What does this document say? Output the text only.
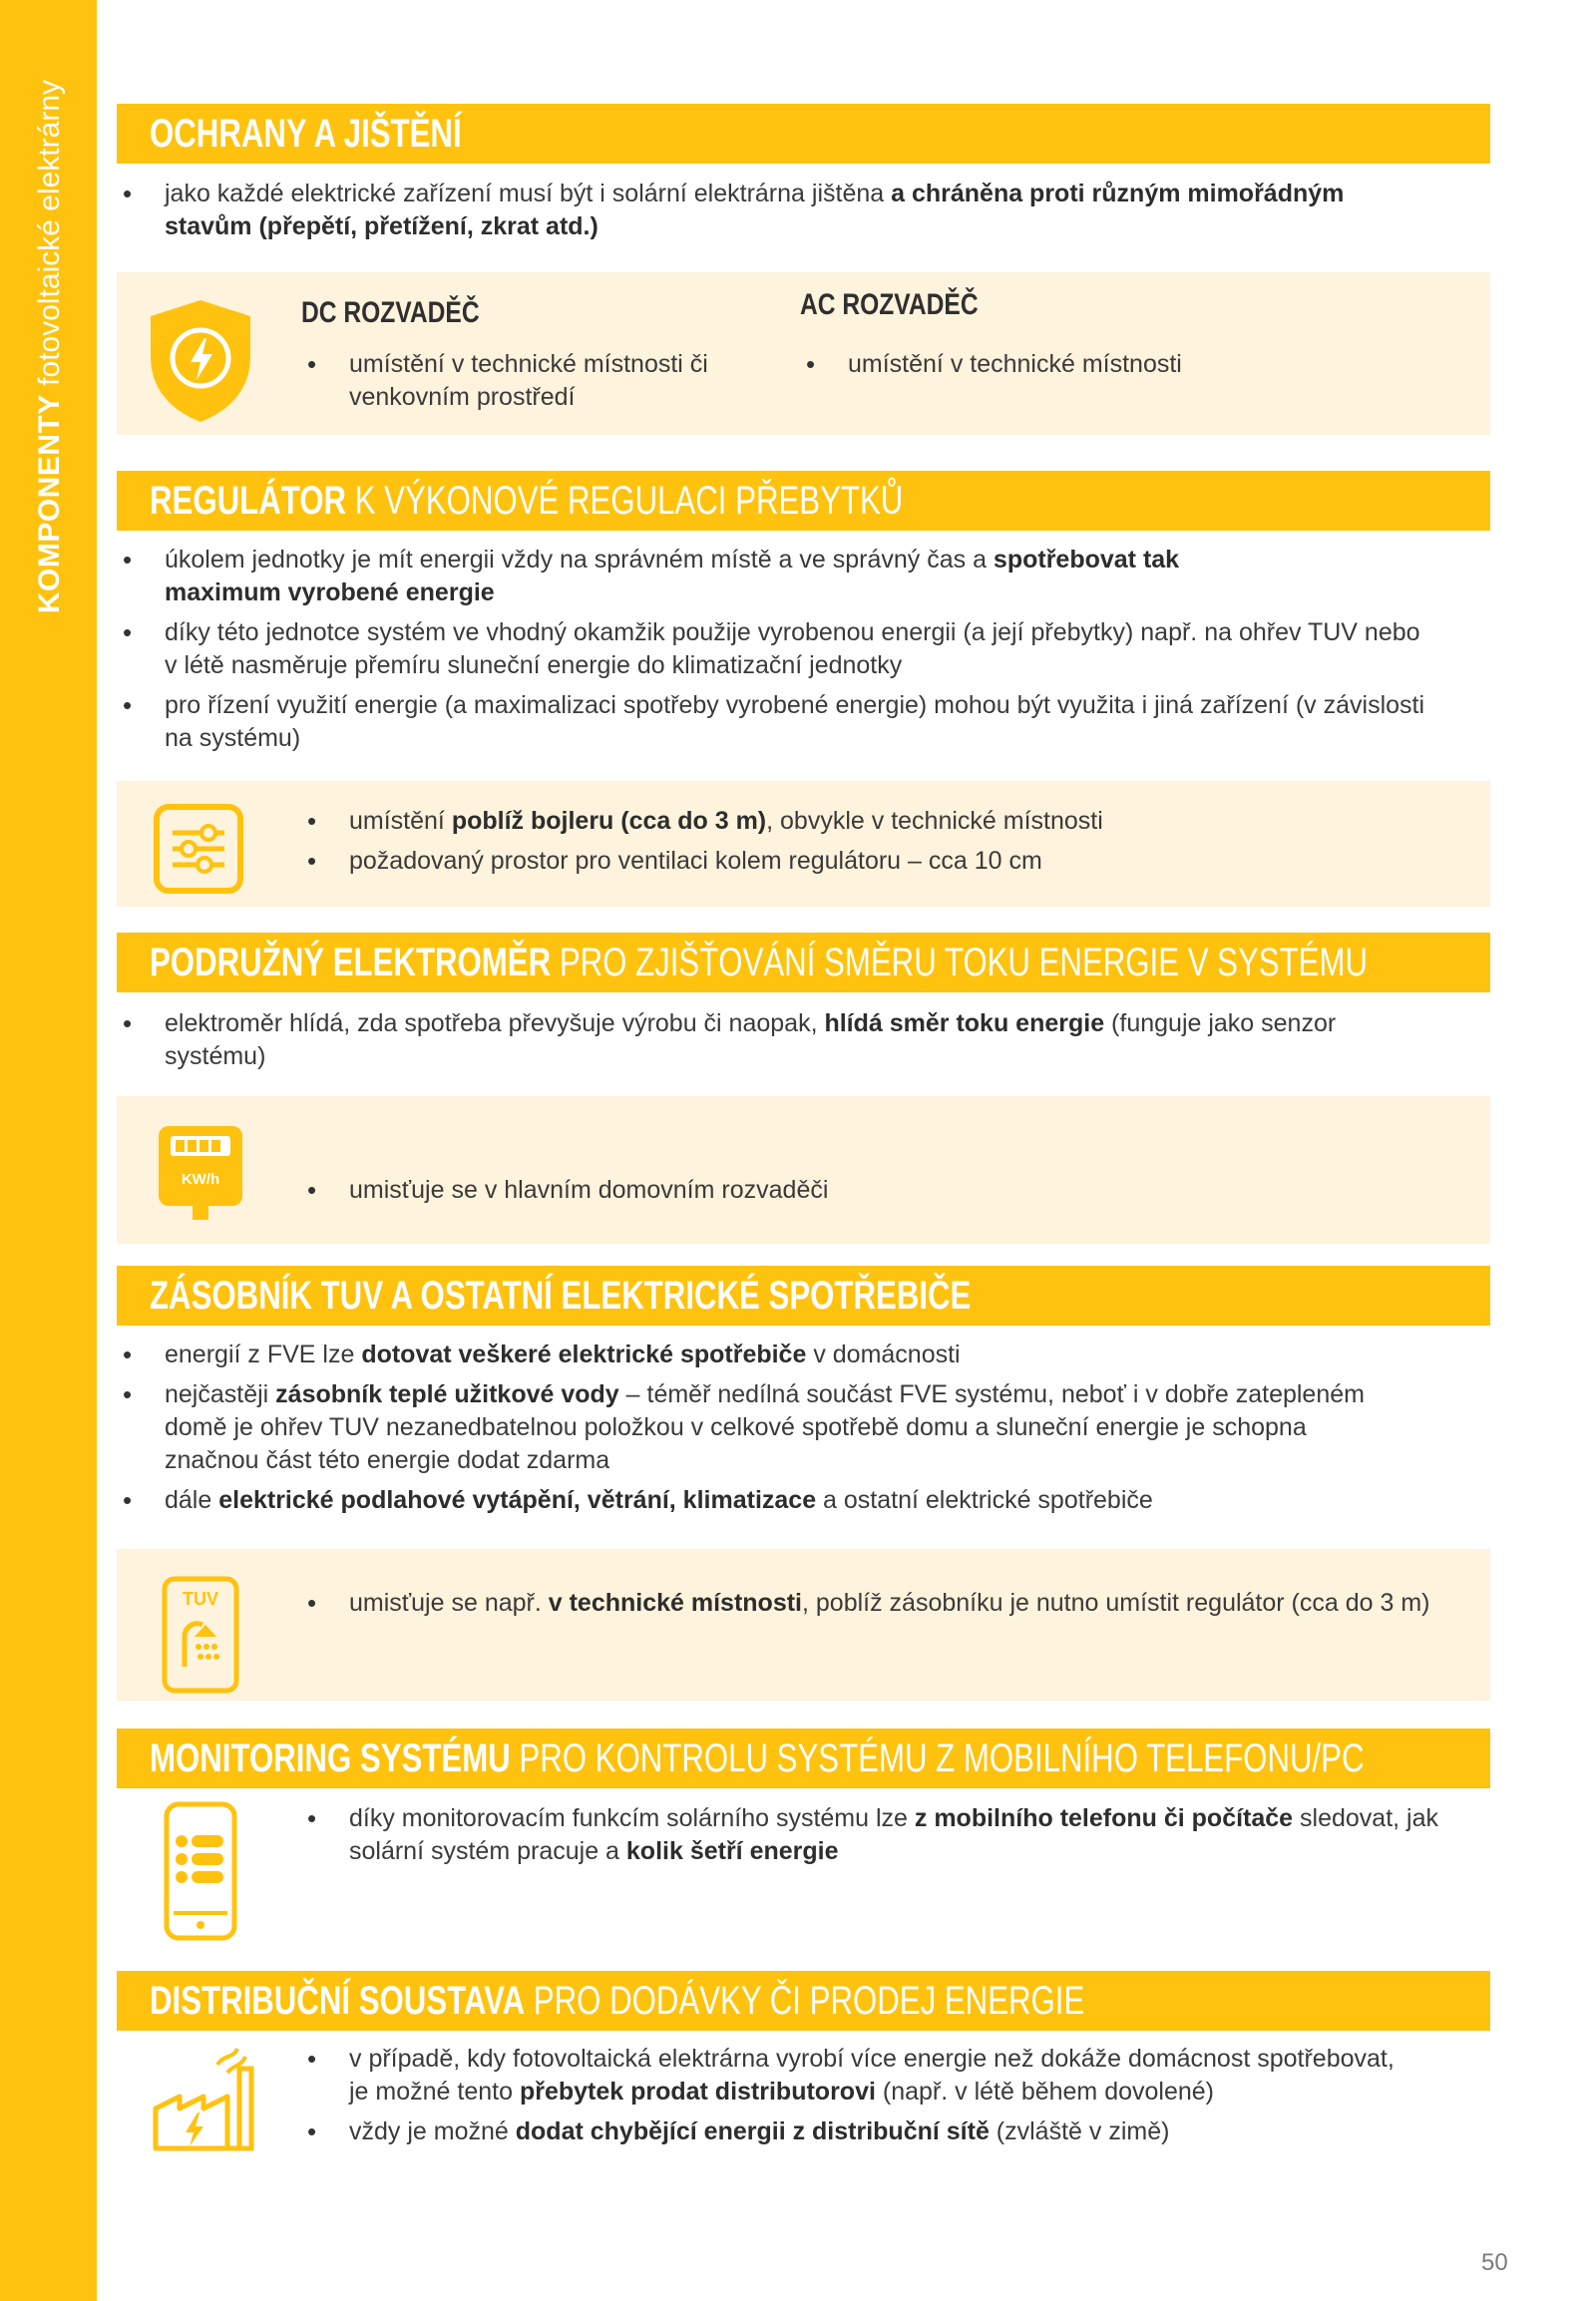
KOMPONENTY fotovoltaické elektrárny OCHRANY A JIŠTĚNÍ
• jako každé elektrické zařízení musí být i solární elektrárna jištěna a chráněna proti různým mimořádným stavům (přepětí, přetížení, zkrat atd.)
DC ROZVADĚČ
• umístění v technické místnosti či venkovním prostředí
AC ROZVADĚČ
• umístění v technické místnosti
REGULÁTOR K VÝKONOVÉ REGULACI PŘEBYTKŮ
• úkolem jednotky je mít energii vždy na správném místě a ve správný čas a spotřebovat tak maximum vyrobené energie
• díky této jednotce systém ve vhodný okamžik použije vyrobenou energii (a její přebytky) např. na ohřev TUV nebo v létě nasměruje přemíru sluneční energie do klimatizační jednotky
• pro řízení využití energie (a maximalizaci spotřeby vyrobené energie) mohou být využita i jiná zařízení (v závislosti na systému)
• umístění poblíž bojleru (cca do 3 m), obvykle v technické místnosti
• požadovaný prostor pro ventilaci kolem regulátoru – cca 10 cm
PODRUŽNÝ ELEKTROMĚR PRO ZJIŠŤOVÁNÍ SMĚRU TOKU ENERGIE V SYSTÉMU
• elektroměr hlídá, zda spotřeba převyšuje výrobu či naopak, hlídá směr toku energie (funguje jako senzor systému)
KW/h	• umisťuje se v hlavním domovním rozvaděči
ZÁSOBNÍK TUV A OSTATNÍ ELEKTRICKÉ SPOTŘEBIČE
• energií z FVE lze dotovat veškeré elektrické spotřebiče v domácnosti
• nejčastěji zásobník teplé užitkové vody – téměř nedílná součást FVE systému, neboť i v dobře zatepleném domě je ohřev TUV nezanedbatelnou položkou v celkové spotřebě domu a sluneční energie je schopna značnou část této energie dodat zdarma
• dále elektrické podlahové vytápění, větrání, klimatizace a ostatní elektrické spotřebiče
TUV	• umisťuje se např. v technické místnosti, poblíž zásobníku je nutno umístit regulátor (cca do 3 m)
MONITORING SYSTÉMU PRO KONTROLU SYSTÉMU Z MOBILNÍHO TELEFONU/PC
• díky monitorovacím funkcím solárního systému lze z mobilního telefonu či počítače sledovat, jak solární systém pracuje a kolik šetří energie
DISTRIBUČNÍ SOUSTAVA PRO DODÁVKY ČI PRODEJ ENERGIE
• v případě, kdy fotovoltaická elektrárna vyrobí více energie než dokáže domácnost spotřebovat, je možné tento přebytek prodat distributorovi (např. v létě během dovolené)
• vždy je možné dodat chybějící energii z distribuční sítě (zvláště v zimě)
50
